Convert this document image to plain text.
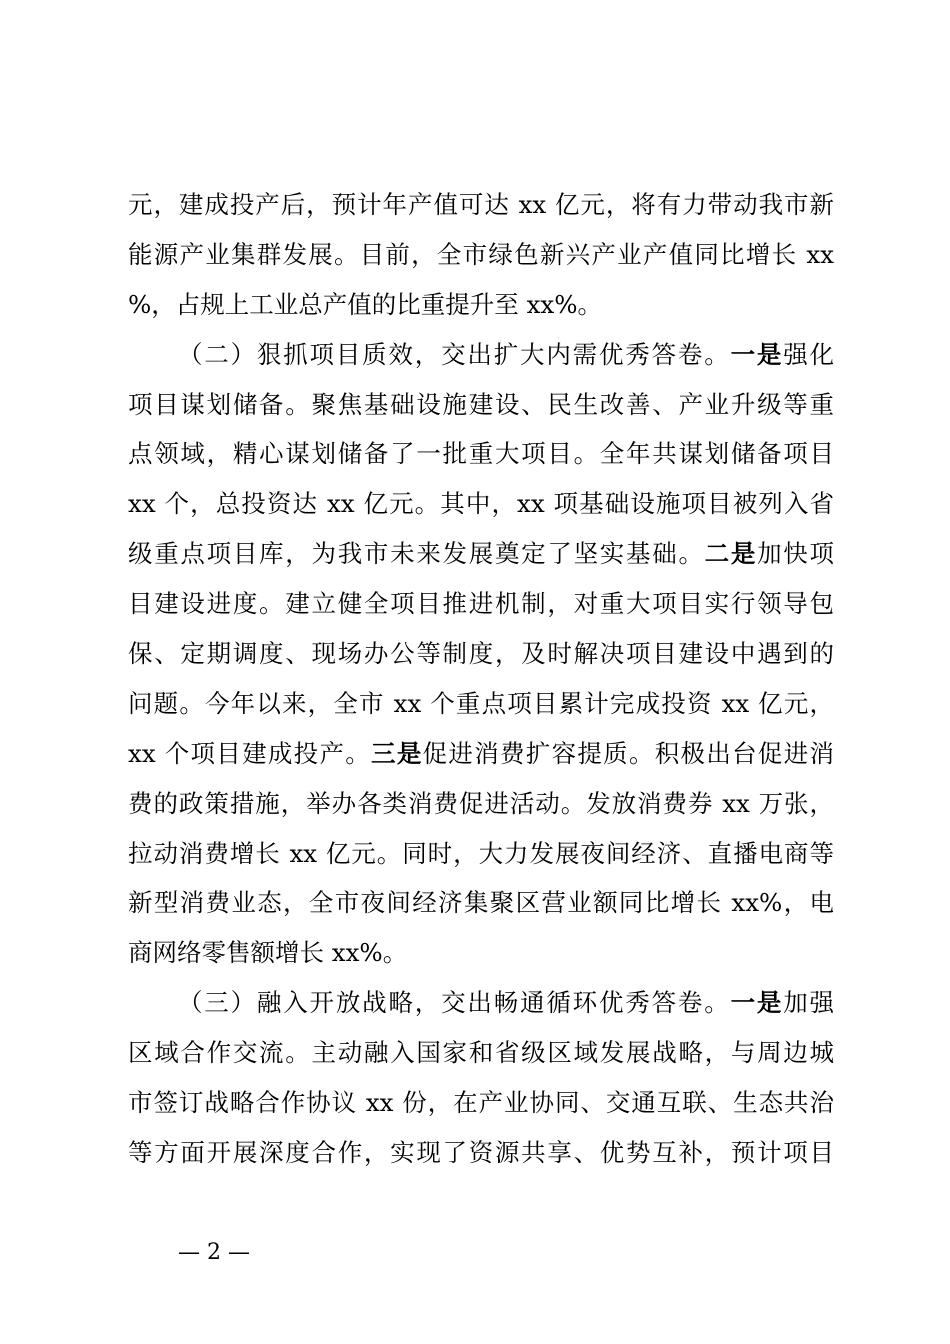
元，建成投产后，预计年产值可达 xx 亿元，将有力带动我市新
能源产业集群发展。目前，全市绿色新兴产业产值同比增长 xx
%，占规上工业总产值的比重提升至 xx%。
（二）狠抓项目质效，交出扩大内需优秀答卷。一是强化
项目谋划储备。聚焦基础设施建设、民生改善、产业升级等重
点领域，精心谋划储备了一批重大项目。全年共谋划储备项目
xx 个，总投资达 xx 亿元。其中，xx 项基础设施项目被列入省
级重点项目库，为我市未来发展奠定了坚实基础。二是加快项
目建设进度。建立健全项目推进机制，对重大项目实行领导包
保、定期调度、现场办公等制度，及时解决项目建设中遇到的
问题。今年以来，全市 xx 个重点项目累计完成投资 xx 亿元，
xx 个项目建成投产。三是促进消费扩容提质。积极出台促进消
费的政策措施，举办各类消费促进活动。发放消费券 xx 万张，
拉动消费增长 xx 亿元。同时，大力发展夜间经济、直播电商等
新型消费业态，全市夜间经济集聚区营业额同比增长 xx%，电
商网络零售额增长 xx%。
（三）融入开放战略，交出畅通循环优秀答卷。一是加强
区域合作交流。主动融入国家和省级区域发展战略，与周边城
市签订战略合作协议 xx 份，在产业协同、交通互联、生态共治
等方面开展深度合作，实现了资源共享、优势互补，预计项目
— 2 —
